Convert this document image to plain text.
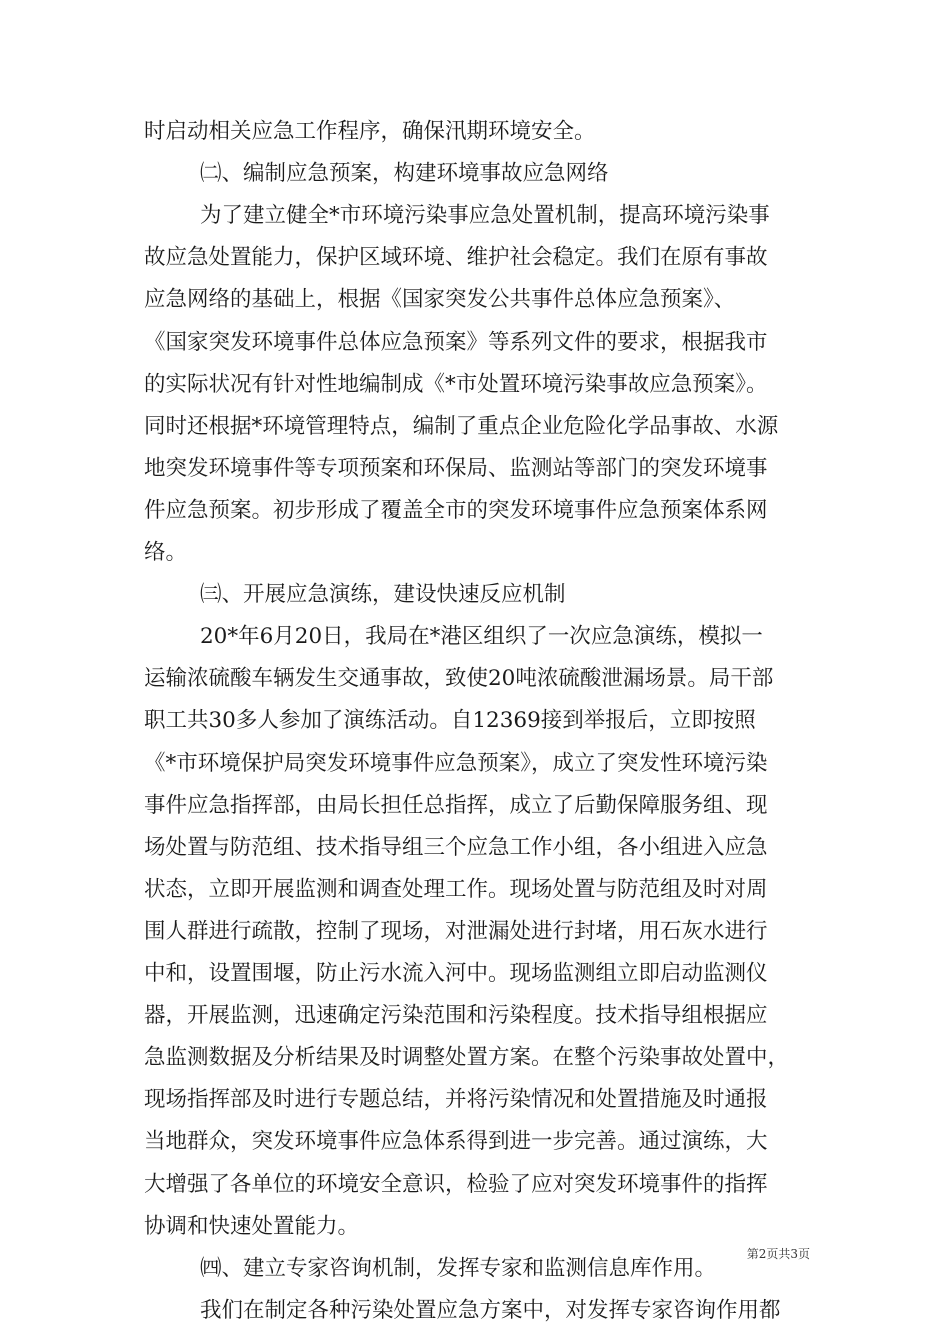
时启动相关应急工作程序，确保汛期环境安全。
㈡、编制应急预案，构建环境事故应急网络
为了建立健全*市环境污染事应急处置机制，提高环境污染事
故应急处置能力，保护区域环境、维护社会稳定。我们在原有事故
应急网络的基础上，根据《国家突发公共事件总体应急预案》、
《国家突发环境事件总体应急预案》等系列文件的要求，根据我市
的实际状况有针对性地编制成《*市处置环境污染事故应急预案》。
同时还根据*环境管理特点，编制了重点企业危险化学品事故、水源
地突发环境事件等专项预案和环保局、监测站等部门的突发环境事
件应急预案。初步形成了覆盖全市的突发环境事件应急预案体系网
络。
㈢、开展应急演练，建设快速反应机制
20*年6月20日，我局在*港区组织了一次应急演练，模拟一
运输浓硫酸车辆发生交通事故，致使20吨浓硫酸泄漏场景。局干部
职工共30多人参加了演练活动。自12369接到举报后，立即按照
《*市环境保护局突发环境事件应急预案》，成立了突发性环境污染
事件应急指挥部，由局长担任总指挥，成立了后勤保障服务组、现
场处置与防范组、技术指导组三个应急工作小组，各小组进入应急
状态，立即开展监测和调查处理工作。现场处置与防范组及时对周
围人群进行疏散，控制了现场，对泄漏处进行封堵，用石灰水进行
中和，设置围堰，防止污水流入河中。现场监测组立即启动监测仪
器，开展监测，迅速确定污染范围和污染程度。技术指导组根据应
急监测数据及分析结果及时调整处置方案。在整个污染事故处置中，
现场指挥部及时进行专题总结，并将污染情况和处置措施及时通报
当地群众，突发环境事件应急体系得到进一步完善。通过演练，大
大增强了各单位的环境安全意识，检验了应对突发环境事件的指挥
协调和快速处置能力。
㈣、建立专家咨询机制，发挥专家和监测信息库作用。
我们在制定各种污染处置应急方案中，对发挥专家咨询作用都
第2页共3页
